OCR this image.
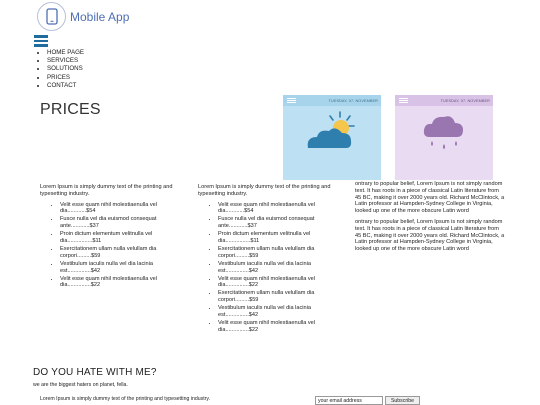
Mobile App
• HOME PAGE
• SERVICES
• SOLUTIONS
• PRICES
• CONTACT
PRICES
TUESDAY, 07. NOVEMBER	TUESDAY, 07. NOVEMBER

Lorem Ipsum is simply dummy text of the printing and typesetting industry.

• Velit esse quam nihil molestiaenulla vel dia............$54
• Fusce nulla vel dia euismod consequat ante............$37
• Proin dictum elementum velitnulla vel dia................$11
• Exercitationem ullam nulla velullam dia corpori.........$59
• Vestibulum iaculis nulla vel dia lacinia est...............$42
• Velit esse quam nihil molestiaenulla vel dia...............$22

Lorem Ipsum is simply dummy text of the printing and typesetting industry.

• Velit esse quam nihil molestiaenulla vel dia............$54
• Fusce nulla vel dia euismod consequat ante............$37
• Proin dictum elementum velitnulla vel dia................$11
• Exercitationem ullam nulla velullam dia corpori.........$59
• Vestibulum iaculis nulla vel dia lacinia est...............$42
• Velit esse quam nihil molestiaenulla vel dia...............$22
• Exercitationem ullam nulla velullam dia corpori.........$59
• Vestibulum iaculis nulla vel dia lacinia est...............$42
• Velit esse quam nihil molestiaenulla vel dia...............$22

ontrary to popular belief, Lorem Ipsum is not simply random text. It has roots in a piece of classical Latin literature from 45 BC, making it over 2000 years old. Richard McClintock, a Latin professor at Hampden-Sydney College in Virginia, looked up one of the more obscure Latin word

ontrary to popular belief, Lorem Ipsum is not simply random text. It has roots in a piece of classical Latin literature from 45 BC, making it over 2000 years old. Richard McClintock, a Latin professor at Hampden-Sydney College in Virginia, looked up one of the more obscure Latin word

DO YOU HATE WITH ME?
we are the biggest haters on planet, fella.
Lorem Ipsum is simply dummy text of the printing and typesetting industry.
your email address	Subscribe
